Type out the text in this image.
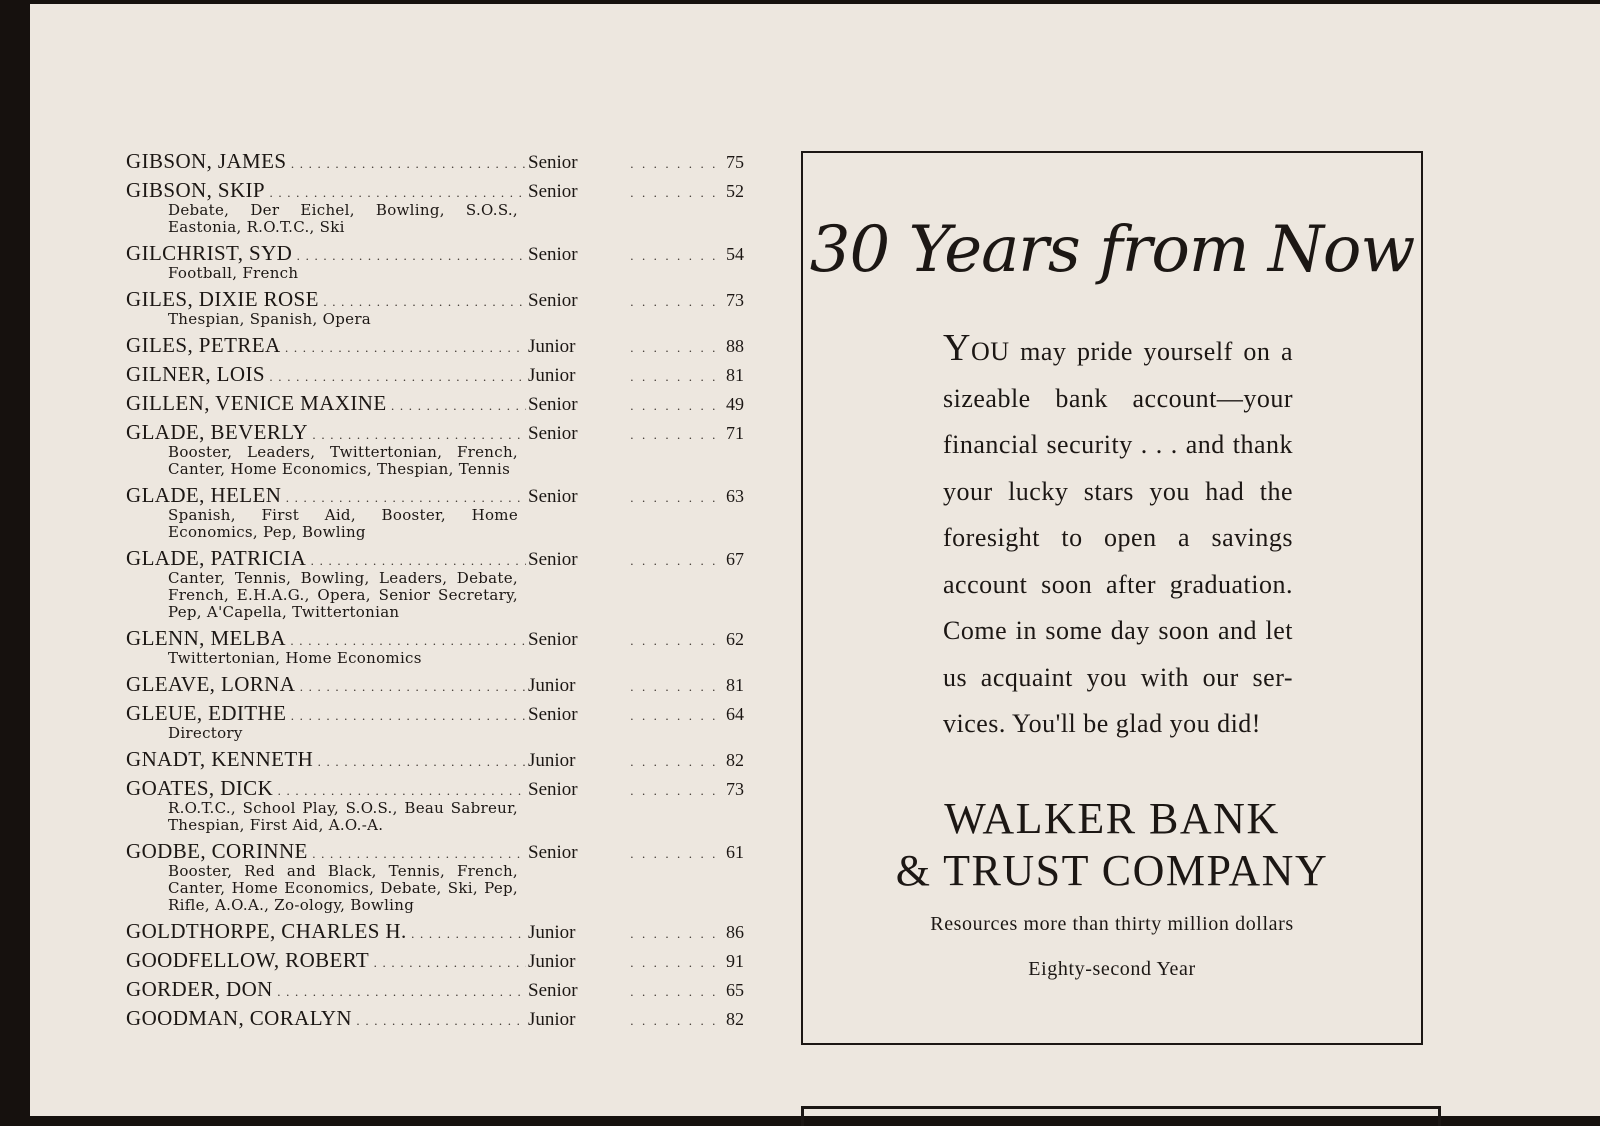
GIBSON, JAMES . . .	Senior	. . . . . . . . 75
GIBSON, SKIP . . .	Senior	. . . . . . . . 52
Debate, Der Eichel, Bowling, S.O.S., Eastonia, R.O.T.C., Ski
GILCHRIST, SYD . . .	Senior	. . . . . . . . 54
Football, French
GILES, DIXIE ROSE . . .	Senior	. . . . . . . . 73
Thespian, Spanish, Opera
GILES, PETREA . . .	Junior	. . . . . . . . 88
GILNER, LOIS . . .	Junior	. . . . . . . . 81
GILLEN, VENICE MAXINE . . .	Senior	. . . . . . . . 49
GLADE, BEVERLY . . .	Senior	. . . . . . . . 71
Booster, Leaders, Twittertonian, French, Canter, Home Economics, Thespian, Tennis
GLADE, HELEN . . .	Senior	. . . . . . . . 63
Spanish, First Aid, Booster, Home Economics, Pep, Bowling
GLADE, PATRICIA . . .	Senior	. . . . . . . . 67
Canter, Tennis, Bowling, Leaders, Debate, French, E.H.A.G., Opera, Senior Secretary, Pep, A'Capella, Twittertonian
GLENN, MELBA . . .	Senior	. . . . . . . . 62
Twittertonian, Home Economics
GLEAVE, LORNA . . .	Junior	. . . . . . . . 81
GLEUE, EDITHE . . .	Senior	. . . . . . . . 64
Directory
GNADT, KENNETH . . .	Junior	. . . . . . . . 82
GOATES, DICK . . .	Senior	. . . . . . . . 73
R.O.T.C., School Play, S.O.S., Beau Sabreur, Thespian, First Aid, A.O.-A.
GODBE, CORINNE . . .	Senior	. . . . . . . . 61
Booster, Red and Black, Tennis, French, Canter, Home Economics, Debate, Ski, Pep, Rifle, A.O.A., Zo-ology, Bowling
GOLDTHORPE, CHARLES H. . . .	Junior	. . . . . . . . 86
GOODFELLOW, ROBERT . . .	Junior	. . . . . . . . 91
GORDER, DON . . .	Senior	. . . . . . . . 65
GOODMAN, CORALYN . . .	Junior	. . . . . . . . 82
30 Years from Now
YOU may pride yourself on a sizeable bank account—your financial security . . . and thank your lucky stars you had the foresight to open a savings account soon after graduation. Come in some day soon and let us acquaint you with our ser-vices. You'll be glad you did!
WALKER BANK
& TRUST COMPANY
Resources more than thirty million dollars
Eighty-second Year
